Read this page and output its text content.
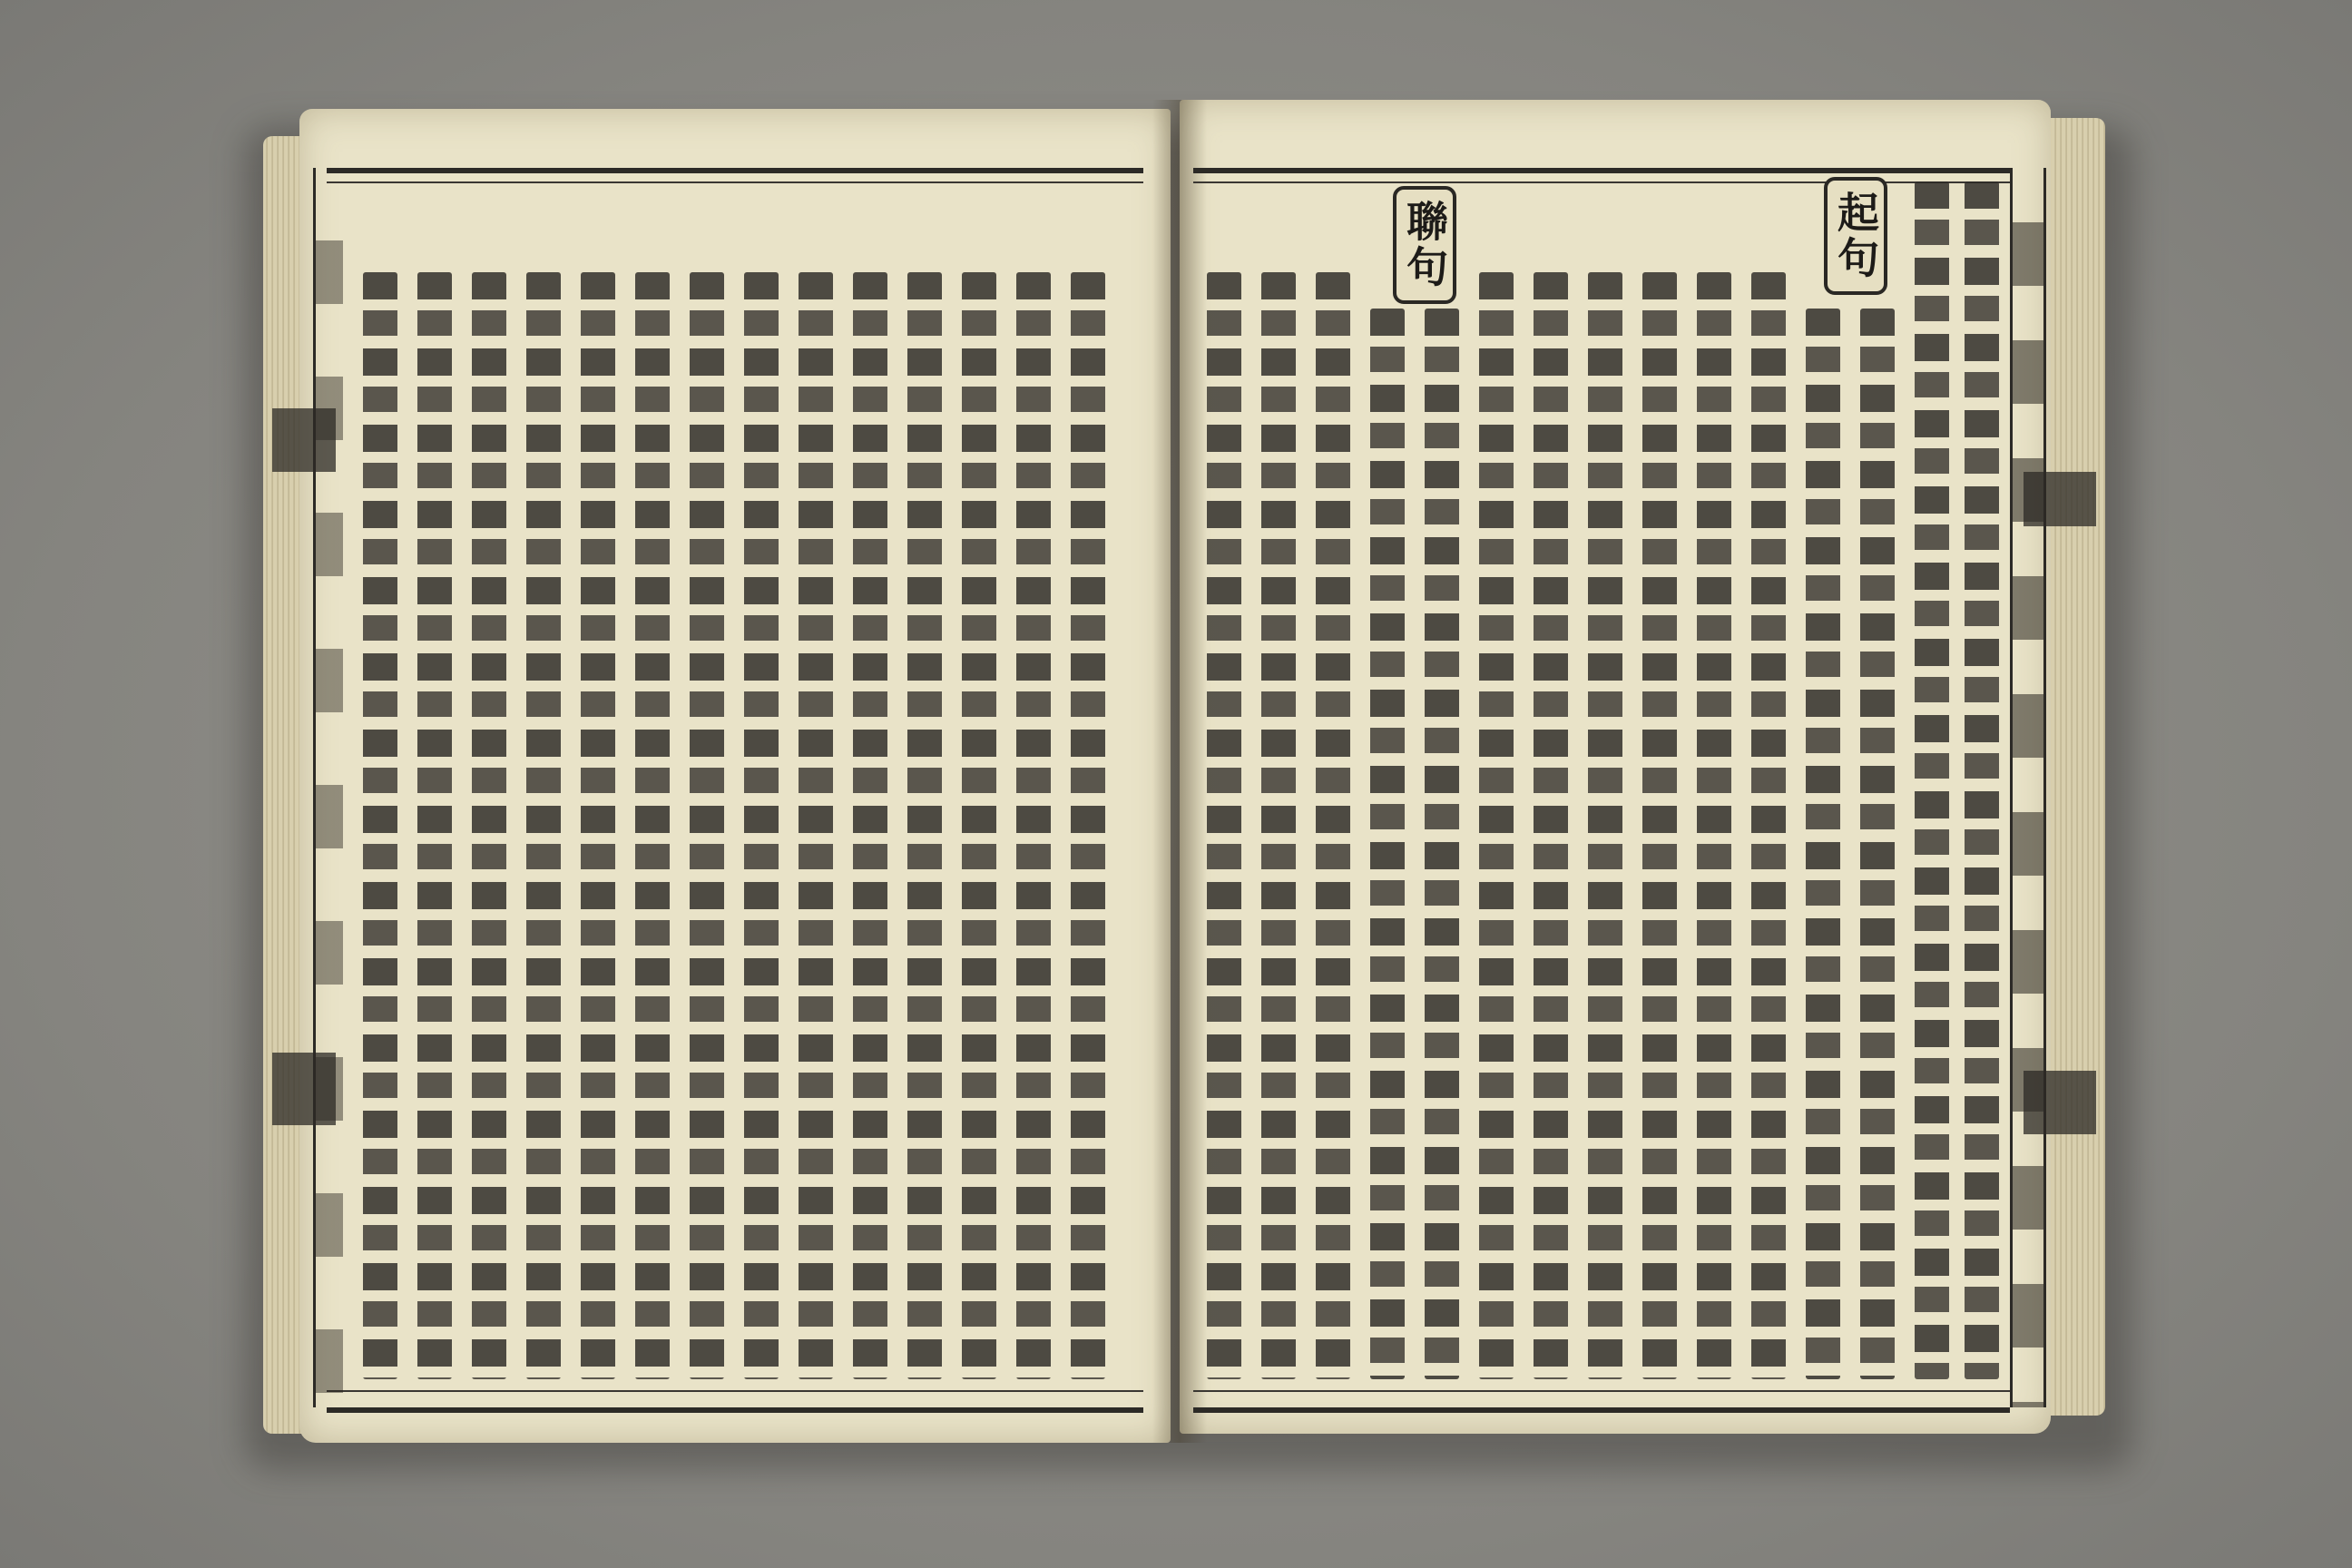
起句
聯句
